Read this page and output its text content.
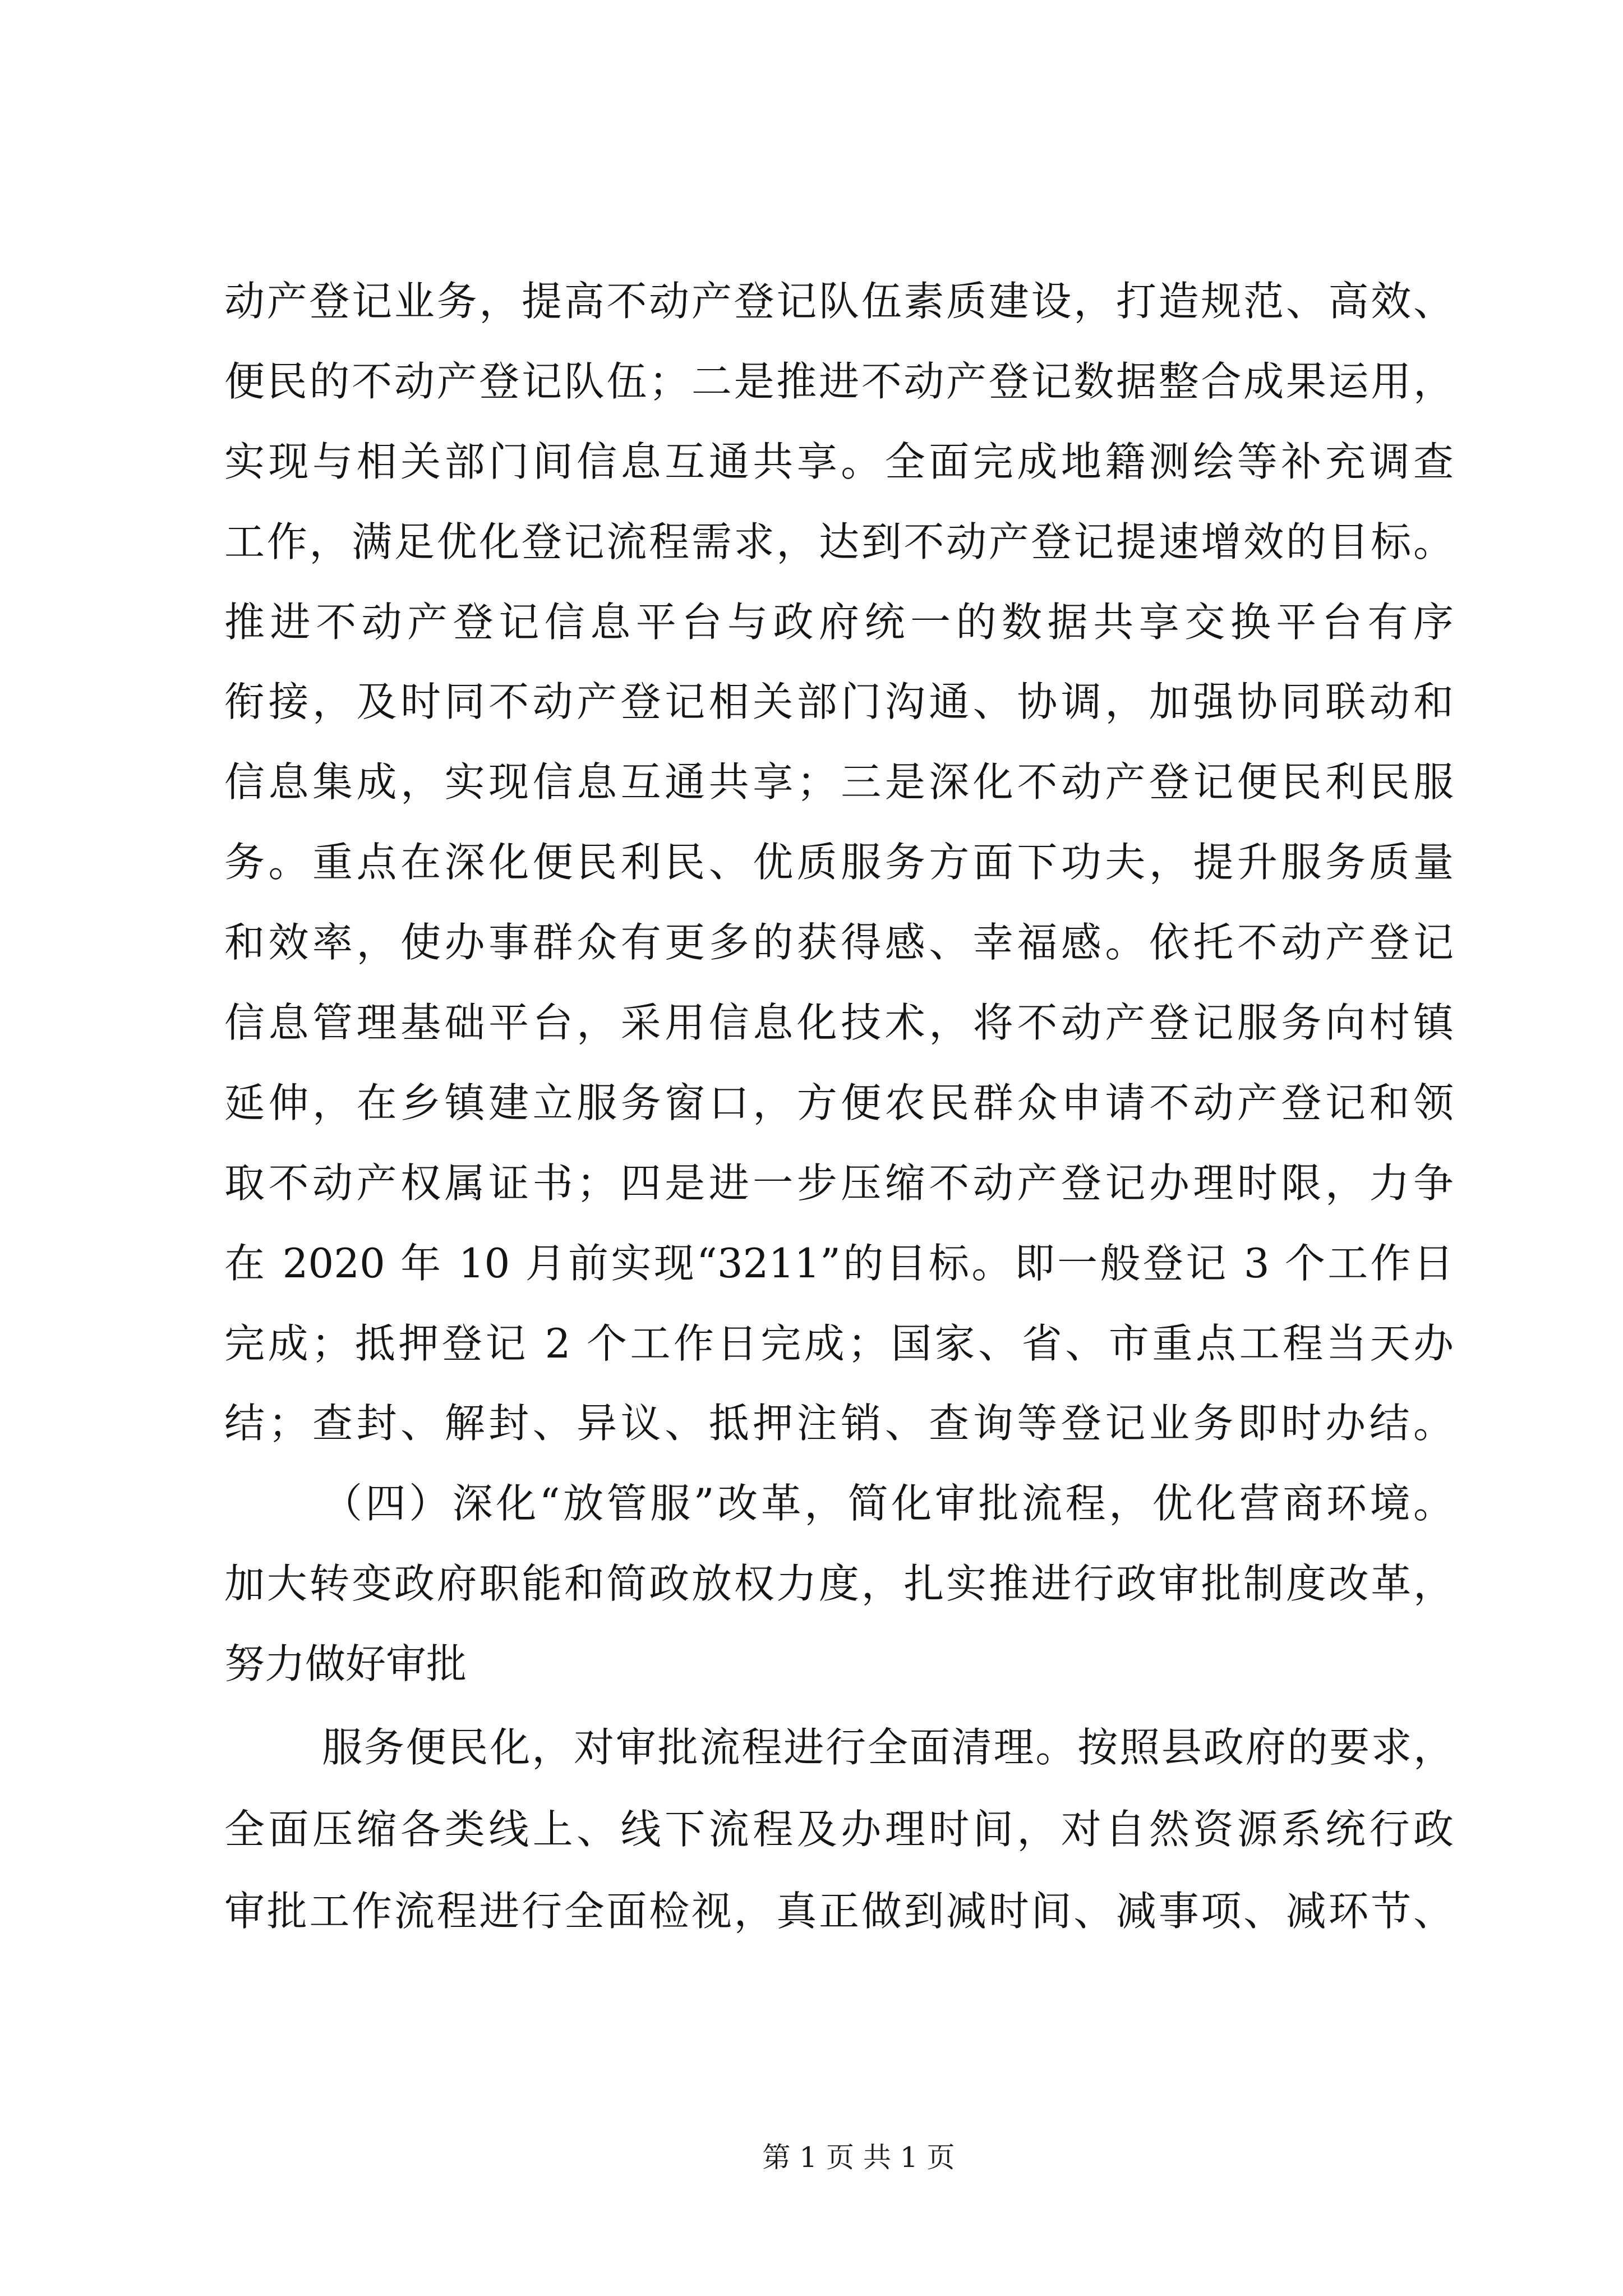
动产登记业务，提高不动产登记队伍素质建设，打造规范、高效、
便民的不动产登记队伍；二是推进不动产登记数据整合成果运用，
实现与相关部门间信息互通共享。全面完成地籍测绘等补充调查
工作，满足优化登记流程需求，达到不动产登记提速增效的目标。
推进不动产登记信息平台与政府统一的数据共享交换平台有序
衔接，及时同不动产登记相关部门沟通、协调，加强协同联动和
信息集成，实现信息互通共享；三是深化不动产登记便民利民服
务。重点在深化便民利民、优质服务方面下功夫，提升服务质量
和效率，使办事群众有更多的获得感、幸福感。依托不动产登记
信息管理基础平台，采用信息化技术，将不动产登记服务向村镇
延伸，在乡镇建立服务窗口，方便农民群众申请不动产登记和领
取不动产权属证书；四是进一步压缩不动产登记办理时限，力争
在 2020 年 10 月前实现“3211”的目标。即一般登记 3 个工作日
完成；抵押登记 2 个工作日完成；国家、省、市重点工程当天办
结；查封、解封、异议、抵押注销、查询等登记业务即时办结。
（四）深化“放管服”改革，简化审批流程，优化营商环境。
加大转变政府职能和简政放权力度，扎实推进行政审批制度改革，
努力做好审批
服务便民化，对审批流程进行全面清理。按照县政府的要求，
全面压缩各类线上、线下流程及办理时间，对自然资源系统行政
审批工作流程进行全面检视，真正做到减时间、减事项、减环节、
第 1 页 共 1 页
